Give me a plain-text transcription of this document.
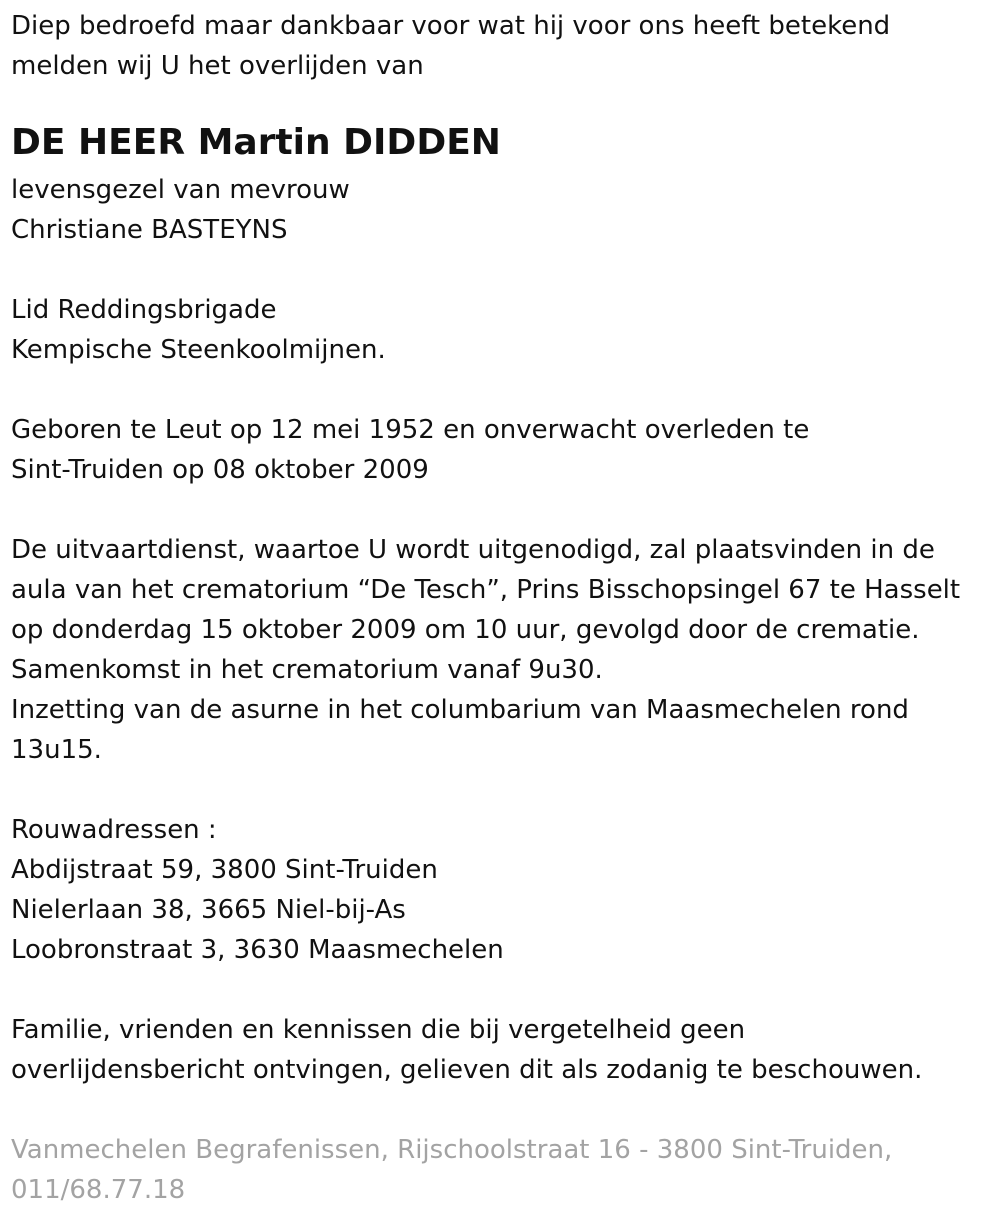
Diep bedroefd maar dankbaar voor wat hij voor ons heeft betekend
melden wij U het overlijden van
DE HEER Martin DIDDEN
levensgezel van mevrouw
Christiane BASTEYNS
Lid Reddingsbrigade
Kempische Steenkoolmijnen.
Geboren te Leut op 12 mei 1952 en onverwacht overleden te
Sint-Truiden op 08 oktober 2009
De uitvaartdienst, waartoe U wordt uitgenodigd, zal plaatsvinden in de
aula van het crematorium “De Tesch”, Prins Bisschopsingel 67 te Hasselt
op donderdag 15 oktober 2009 om 10 uur, gevolgd door de crematie.
Samenkomst in het crematorium vanaf 9u30.
Inzetting van de asurne in het columbarium van Maasmechelen rond
13u15.
Rouwadressen :
Abdijstraat 59, 3800 Sint-Truiden
Nielerlaan 38, 3665 Niel-bij-As
Loobronstraat 3, 3630 Maasmechelen
Familie, vrienden en kennissen die bij vergetelheid geen
overlijdensbericht ontvingen, gelieven dit als zodanig te beschouwen.
Vanmechelen Begrafenissen, Rijschoolstraat 16 - 3800 Sint-Truiden,
011/68.77.18
